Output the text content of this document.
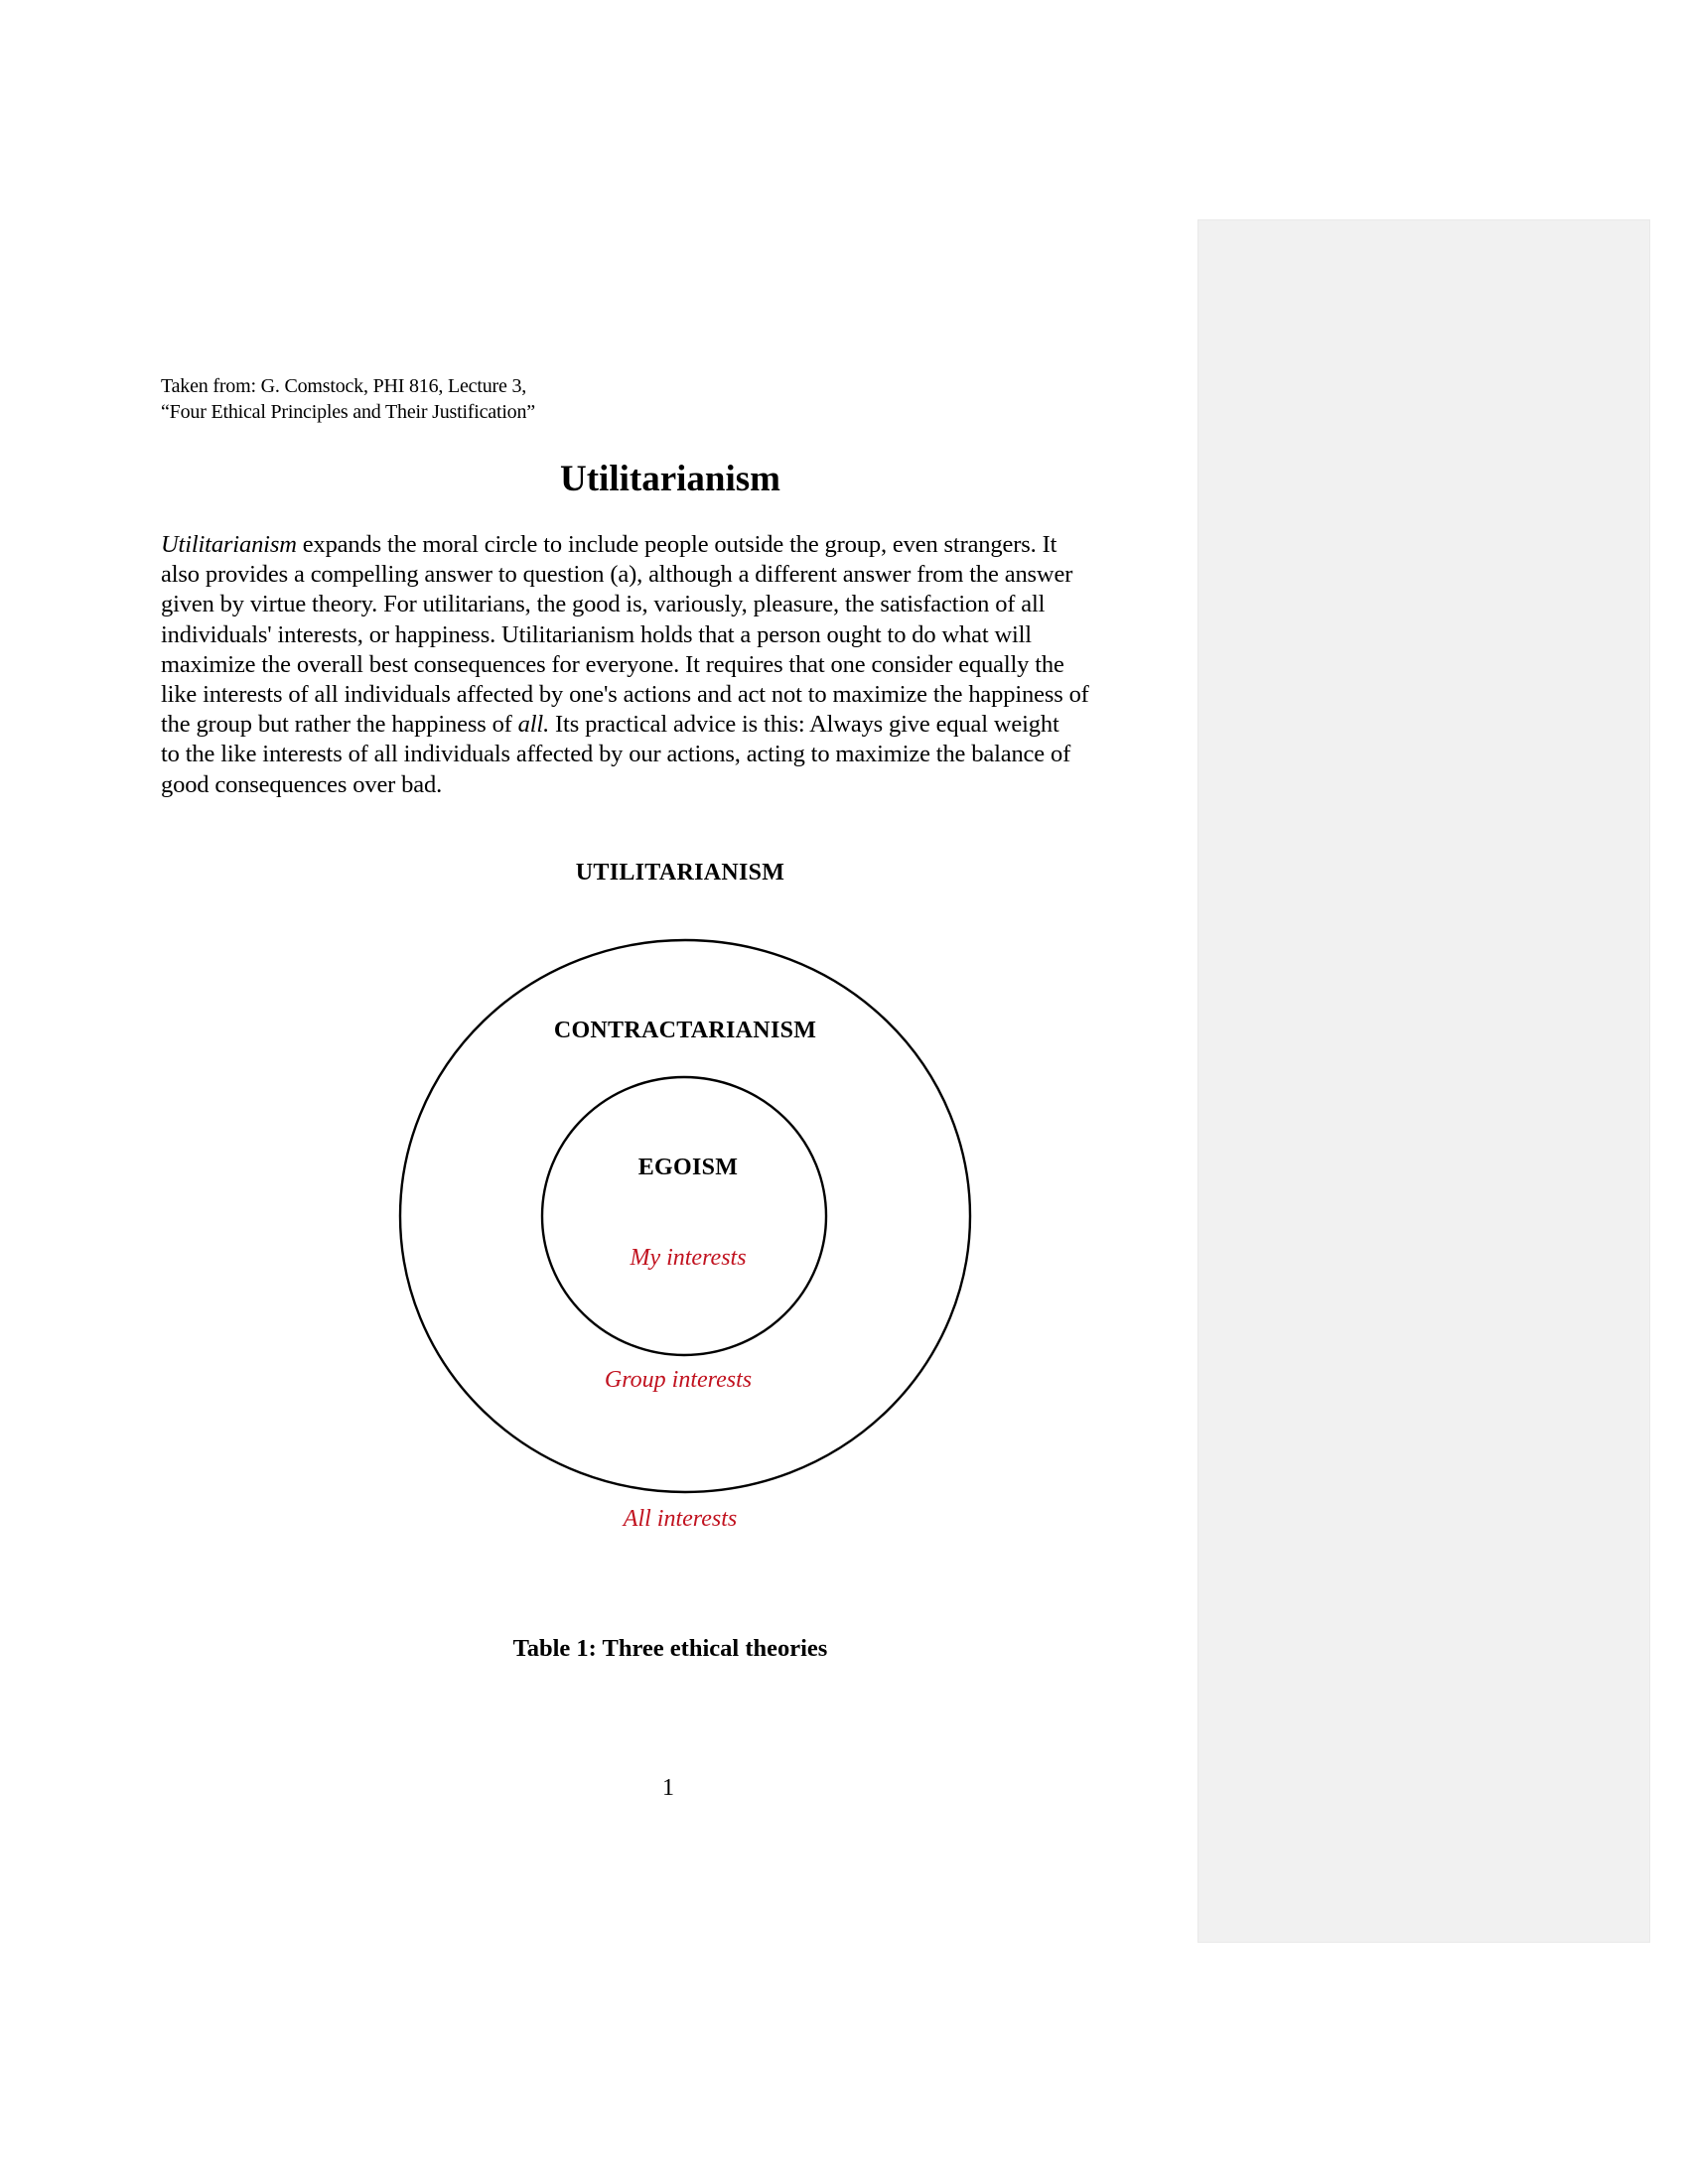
Taken from: G. Comstock, PHI 816, Lecture 3,
“Four Ethical Principles and Their Justification”
Utilitarianism
Utilitarianism expands the moral circle to include people outside the group, even strangers. It
also provides a compelling answer to question (a), although a different answer from the answer
given by virtue theory. For utilitarians, the good is, variously, pleasure, the satisfaction of all
individuals' interests, or happiness. Utilitarianism holds that a person ought to do what will
maximize the overall best consequences for everyone. It requires that one consider equally the
like interests of all individuals affected by one's actions and act not to maximize the happiness of
the group but rather the happiness of all. Its practical advice is this: Always give equal weight
to the like interests of all individuals affected by our actions, acting to maximize the balance of
good consequences over bad.
UTILITARIANISM
CONTRACTARIANISM
EGOISM
My interests
Group interests
All interests
Table 1: Three ethical theories
1
